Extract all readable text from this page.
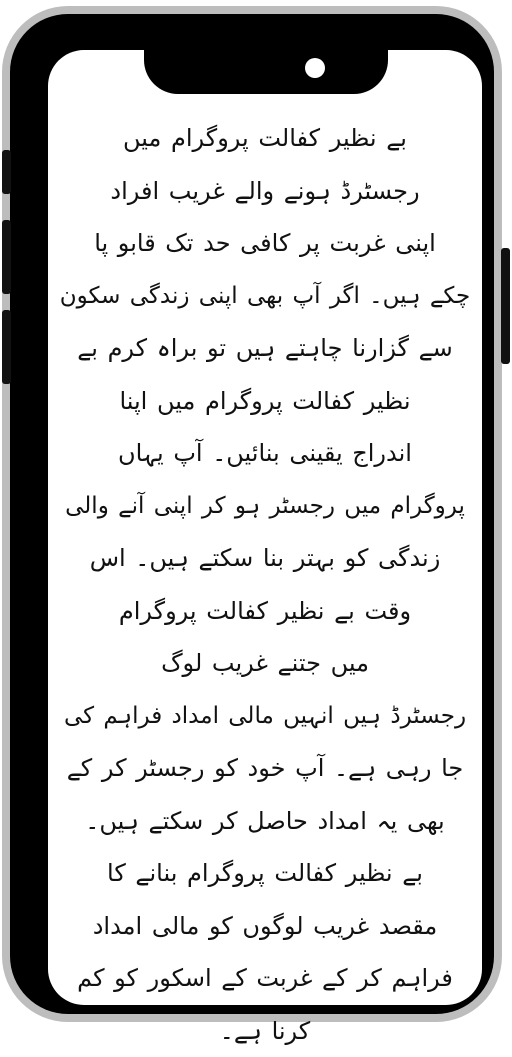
بے نظیر کفالت پروگرام میں
رجسٹرڈ ہونے والے غریب افراد
اپنی غربت پر کافی حد تک قابو پا
چکے ہیں۔ اگر آپ بھی اپنی زندگی سکون
سے گزارنا چاہتے ہیں تو براہ کرم بے
نظیر کفالت پروگرام میں اپنا
اندراج یقینی بنائیں۔ آپ یہاں
پروگرام میں رجسٹر ہو کر اپنی آنے والی
زندگی کو بہتر بنا سکتے ہیں۔ اس
وقت بے نظیر کفالت پروگرام
میں جتنے غریب لوگ
رجسٹرڈ ہیں انہیں مالی امداد فراہم کی
جا رہی ہے۔ آپ خود کو رجسٹر کر کے
بھی یہ امداد حاصل کر سکتے ہیں۔
بے نظیر کفالت پروگرام بنانے کا
مقصد غریب لوگوں کو مالی امداد
فراہم کر کے غربت کے اسکور کو کم
کرنا ہے۔
